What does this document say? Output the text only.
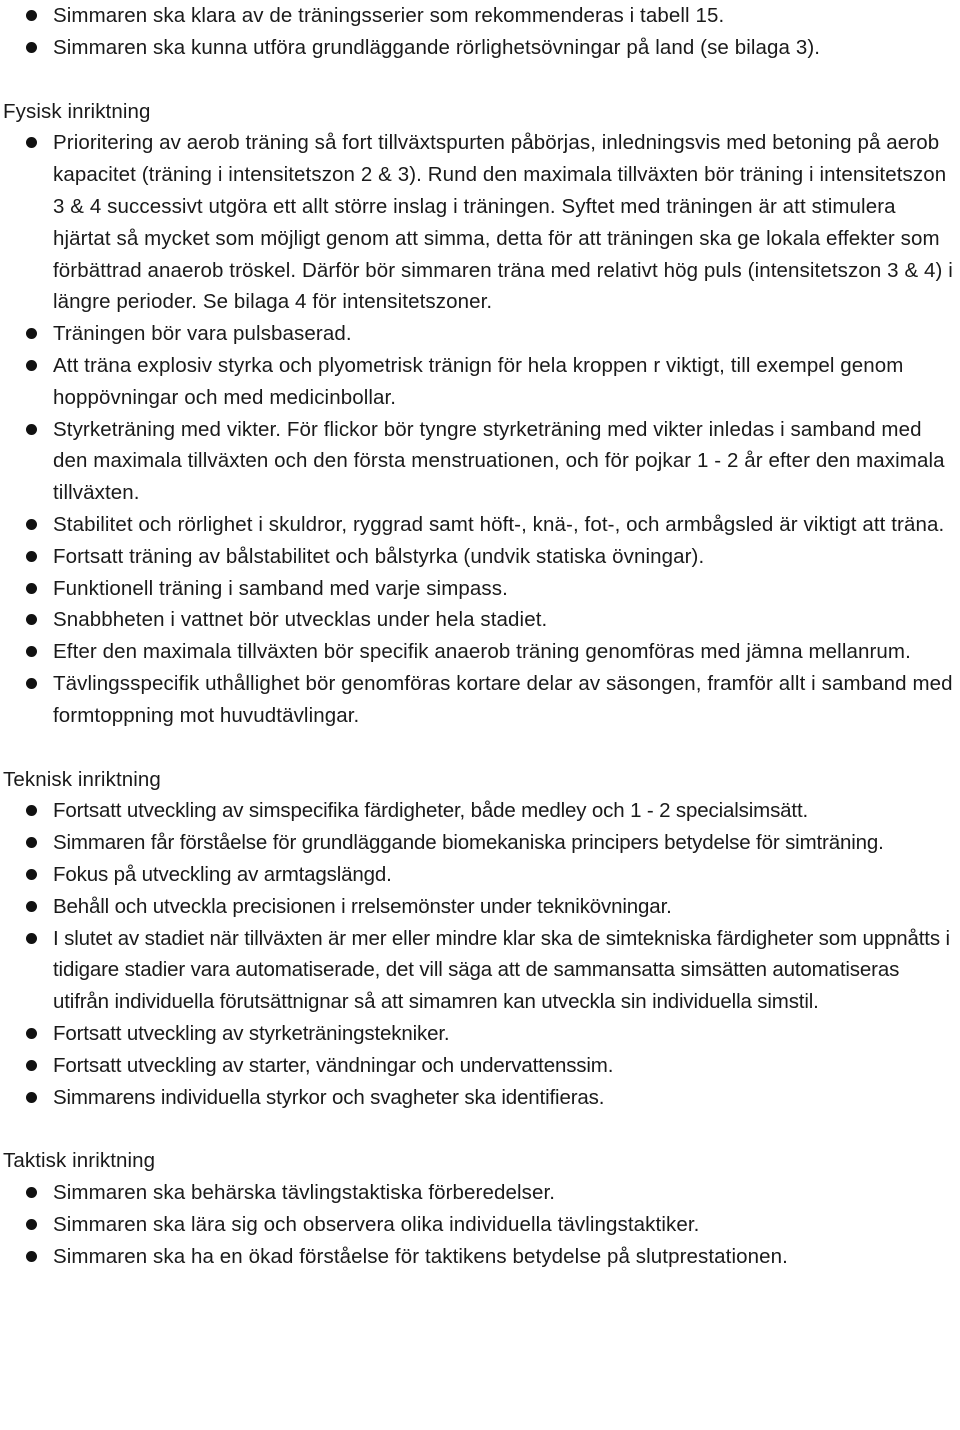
Simmaren ska klara av de träningsserier som rekommenderas i tabell 15.
Simmaren ska kunna utföra grundläggande rörlighetsövningar på land (se bilaga 3).
Fysisk inriktning
Prioritering av aerob träning så fort tillväxtspurten påbörjas, inledningsvis med betoning på aerob kapacitet (träning i intensitetszon 2 & 3). Rund den maximala tillväxten bör träning i intensitetszon 3 & 4 successivt utgöra ett allt större inslag i träningen. Syftet med träningen är att stimulera hjärtat så mycket som möjligt genom att simma, detta för att träningen ska ge lokala effekter som förbättrad anaerob tröskel. Därför bör simmaren träna med relativt hög puls (intensitetszon 3 & 4) i längre perioder. Se bilaga 4 för intensitetszoner.
Träningen bör vara pulsbaserad.
Att träna explosiv styrka och plyometrisk tränign för hela kroppen r viktigt, till exempel genom hoppövningar och med medicinbollar.
Styrketräning med vikter. För flickor bör tyngre styrketräning med vikter inledas i samband med den maximala tillväxten och den första menstruationen, och för pojkar 1 - 2 år efter den maximala tillväxten.
Stabilitet och rörlighet i skuldror, ryggrad samt höft-, knä-, fot-, och armbågsled är viktigt att träna.
Fortsatt träning av bålstabilitet och bålstyrka (undvik statiska övningar).
Funktionell träning i samband med varje simpass.
Snabbheten i vattnet bör utvecklas under hela stadiet.
Efter den maximala tillväxten bör specifik anaerob träning genomföras med jämna mellanrum.
Tävlingsspecifik uthållighet bör genomföras kortare delar av säsongen, framför allt i samband med formtoppning mot huvudtävlingar.
Teknisk inriktning
Fortsatt utveckling av simspecifika färdigheter, både medley och 1 - 2 specialsimsätt.
Simmaren får förståelse för grundläggande biomekaniska principers betydelse för simträning.
Fokus på utveckling av armtagslängd.
Behåll och utveckla precisionen i rrelsemönster under teknikövningar.
I slutet av stadiet när tillväxten är mer eller mindre klar ska de simtekniska färdigheter som uppnåtts i tidigare stadier vara automatiserade, det vill säga att de sammansatta simsätten automatiseras utifrån individuella förutsättnignar så att simamren kan utveckla sin individuella simstil.
Fortsatt utveckling av styrketräningstekniker.
Fortsatt utveckling av starter, vändningar och undervattenssim.
Simmarens individuella styrkor och svagheter ska identifieras.
Taktisk inriktning
Simmaren ska behärska tävlingstaktiska förberedelser.
Simmaren ska lära sig och observera olika individuella tävlingstaktiker.
Simmaren ska ha en ökad förståelse för taktikens betydelse på slutprestationen.
